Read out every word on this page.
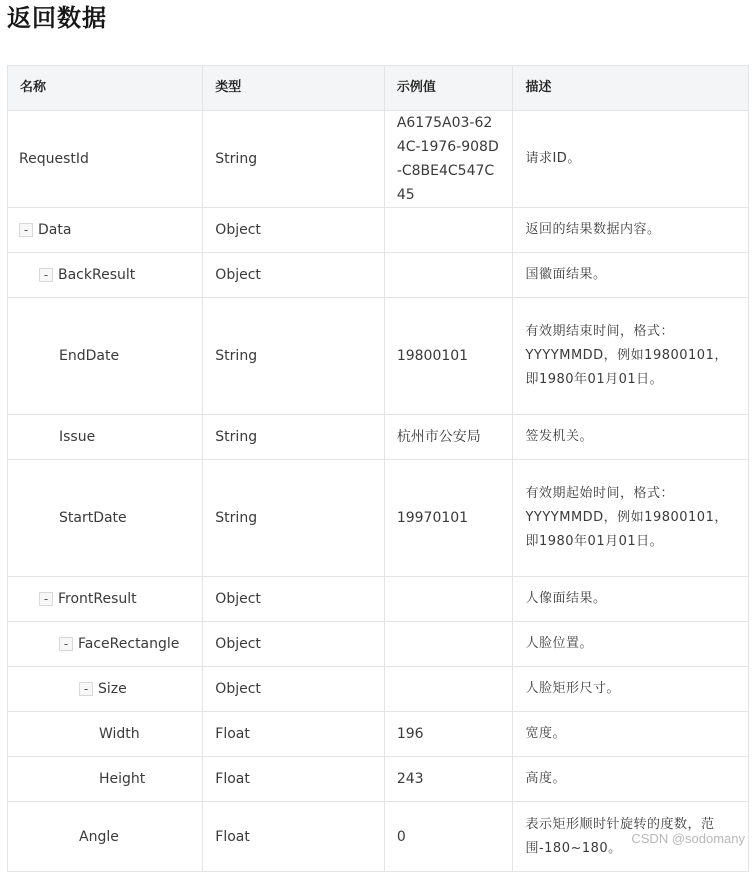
返回数据
名称	类型	示例值	描述
RequestId	String	A6175A03-624C-1976-908D-C8BE4C547C45	请求ID。
- Data	Object		返回的结果数据内容。
- BackResult	Object		国徽面结果。
EndDate	String	19800101	有效期结束时间，格式：YYYYMMDD，例如19800101，即1980年01月01日。
Issue	String	杭州市公安局	签发机关。
StartDate	String	19970101	有效期起始时间，格式：YYYYMMDD，例如19800101，即1980年01月01日。
- FrontResult	Object		人像面结果。
- FaceRectangle	Object		人脸位置。
- Size	Object		人脸矩形尺寸。
Width	Float	196	宽度。
Height	Float	243	高度。
Angle	Float	0	表示矩形顺时针旋转的度数，范围-180~180。
CSDN @sodomany
